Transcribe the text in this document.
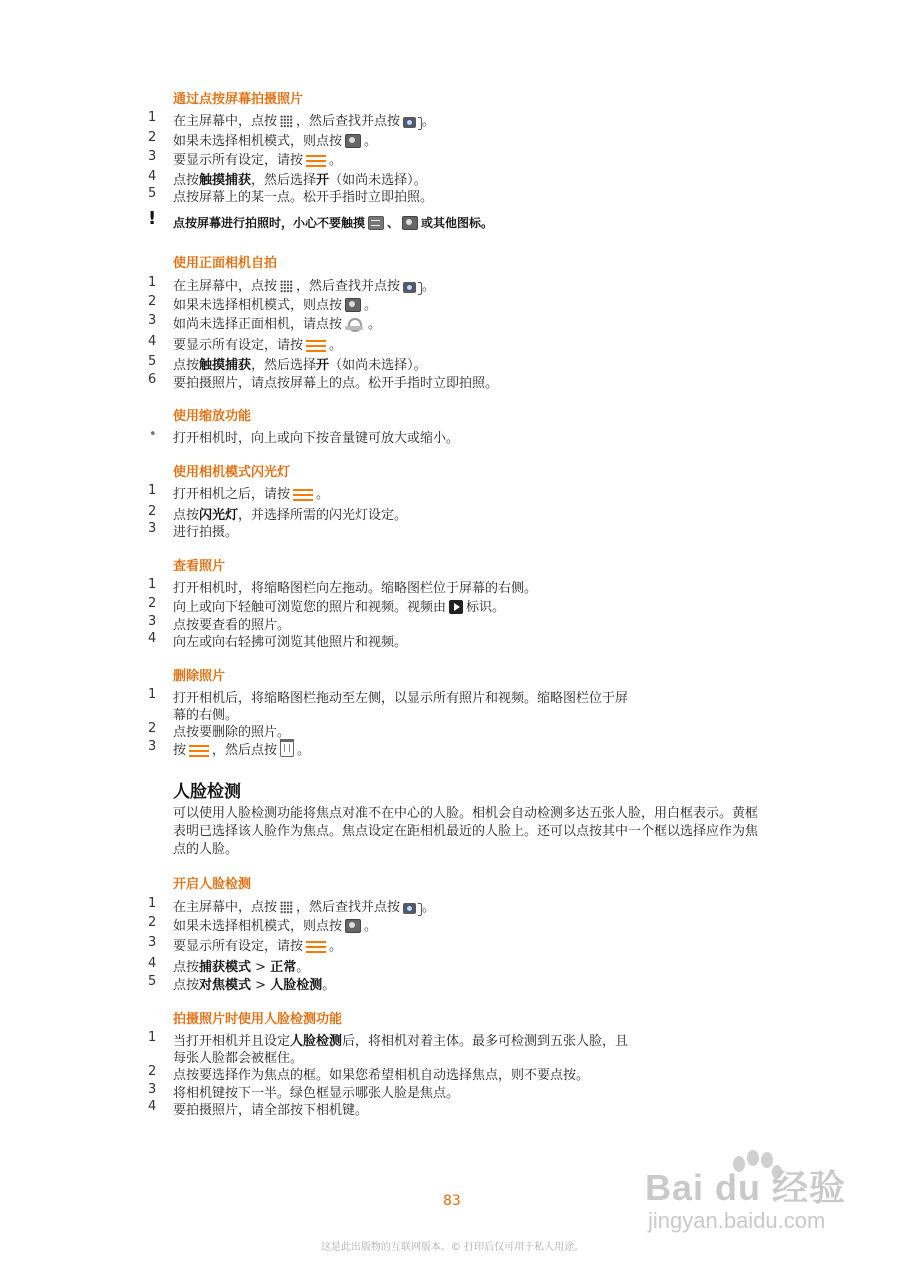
通过点按屏幕拍摄照片
1	在主屏幕中，点按 ，然后查找并点按 。
2	如果未选择相机模式，则点按 。
3	要显示所有设定，请按 。
4	点按触摸捕获，然后选择开（如尚未选择）。
5	点按屏幕上的某一点。松开手指时立即拍照。
! 点按屏幕进行拍照时，小心不要触摸 、 或其他图标。
使用正面相机自拍
1	在主屏幕中，点按 ，然后查找并点按 。
2	如果未选择相机模式，则点按 。
3	如尚未选择正面相机，请点按 。
4	要显示所有设定，请按 。
5	点按触摸捕获，然后选择开（如尚未选择）。
6	要拍摄照片，请点按屏幕上的点。松开手指时立即拍照。
使用缩放功能
• 打开相机时，向上或向下按音量键可放大或缩小。
使用相机模式闪光灯
1	打开相机之后，请按 。
2	点按闪光灯，并选择所需的闪光灯设定。
3	进行拍摄。
查看照片
1	打开相机时，将缩略图栏向左拖动。缩略图栏位于屏幕的右侧。
2	向上或向下轻触可浏览您的照片和视频。视频由 标识。
3	点按要查看的照片。
4	向左或向右轻拂可浏览其他照片和视频。
删除照片
1	打开相机后，将缩略图栏拖动至左侧，以显示所有照片和视频。缩略图栏位于屏
幕的右侧。
2	点按要删除的照片。
3	按 ，然后点按 。
人脸检测
可以使用人脸检测功能将焦点对准不在中心的人脸。相机会自动检测多达五张人脸，用白框表示。黄框表明已选择该人脸作为焦点。焦点设定在距相机最近的人脸上。还可以点按其中一个框以选择应作为焦点的人脸。
开启人脸检测
1	在主屏幕中，点按 ，然后查找并点按 。
2	如果未选择相机模式，则点按 。
3	要显示所有设定，请按 。
4	点按捕获模式 > 正常。
5	点按对焦模式 > 人脸检测。
拍摄照片时使用人脸检测功能
1	当打开相机并且设定人脸检测后，将相机对着主体。最多可检测到五张人脸，且
每张人脸都会被框住。
2	点按要选择作为焦点的框。如果您希望相机自动选择焦点，则不要点按。
3	将相机键按下一半。绿色框显示哪张人脸是焦点。
4	要拍摄照片，请全部按下相机键。
83
这是此出版物的互联网版本。© 打印后仅可用于私人用途。
Bai du 经验
jingyan.baidu.com
